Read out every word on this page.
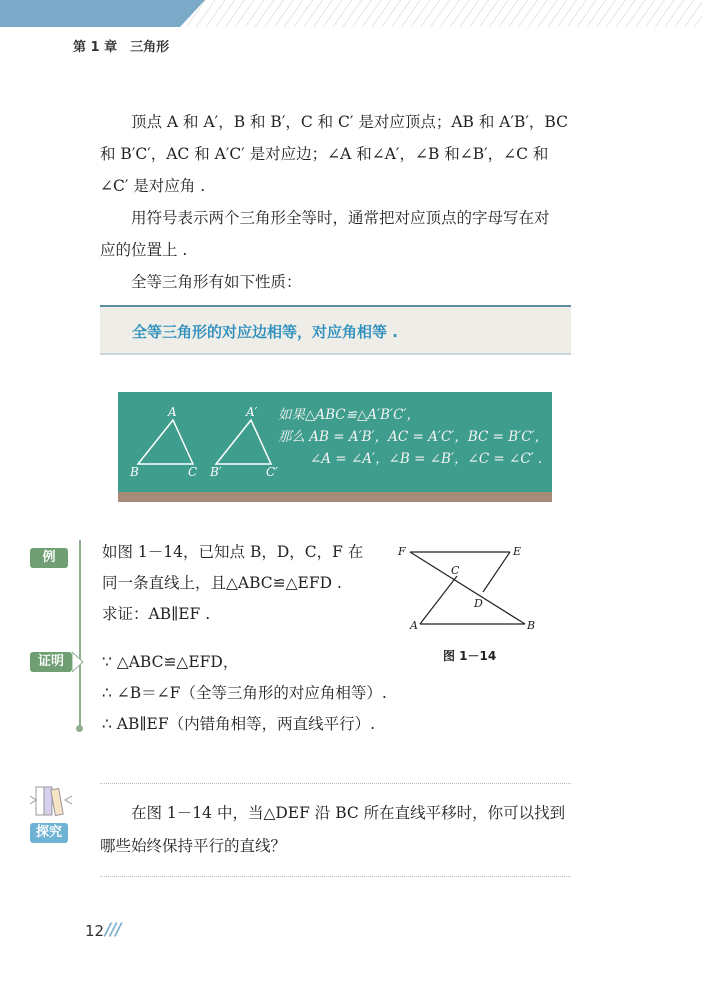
第 1 章　三角形
顶点 A 和 A′，B 和 B′，C 和 C′ 是对应顶点；AB 和 A′B′，BC
和 B′C′，AC 和 A′C′ 是对应边；∠A 和∠A′，∠B 和∠B′，∠C 和
∠C′ 是对应角 .
用符号表示两个三角形全等时，通常把对应顶点的字母写在对
应的位置上 .
全等三角形有如下性质：
全等三角形的对应边相等，对应角相等 .
A
B	C
A′
B′	C′
如果△ABC≌△A′B′C′，
那么 AB = A′B′，AC = A′C′，BC = B′C′，
∠A = ∠A′，∠B = ∠B′，∠C = ∠C′ .
例
证明
如图 1－14，已知点 B，D，C，F 在
同一条直线上，且△ABC≌△EFD .
求证：AB∥EF .
∵ △ABC≌△EFD，
∴ ∠B＝∠F（全等三角形的对应角相等）.
∴ AB∥EF（内错角相等，两直线平行）.
F	E
C
D
A	B
图 1－14
探究
在图 1－14 中，当△DEF 沿 BC 所在直线平移时，你可以找到
哪些始终保持平行的直线？
12 ///
